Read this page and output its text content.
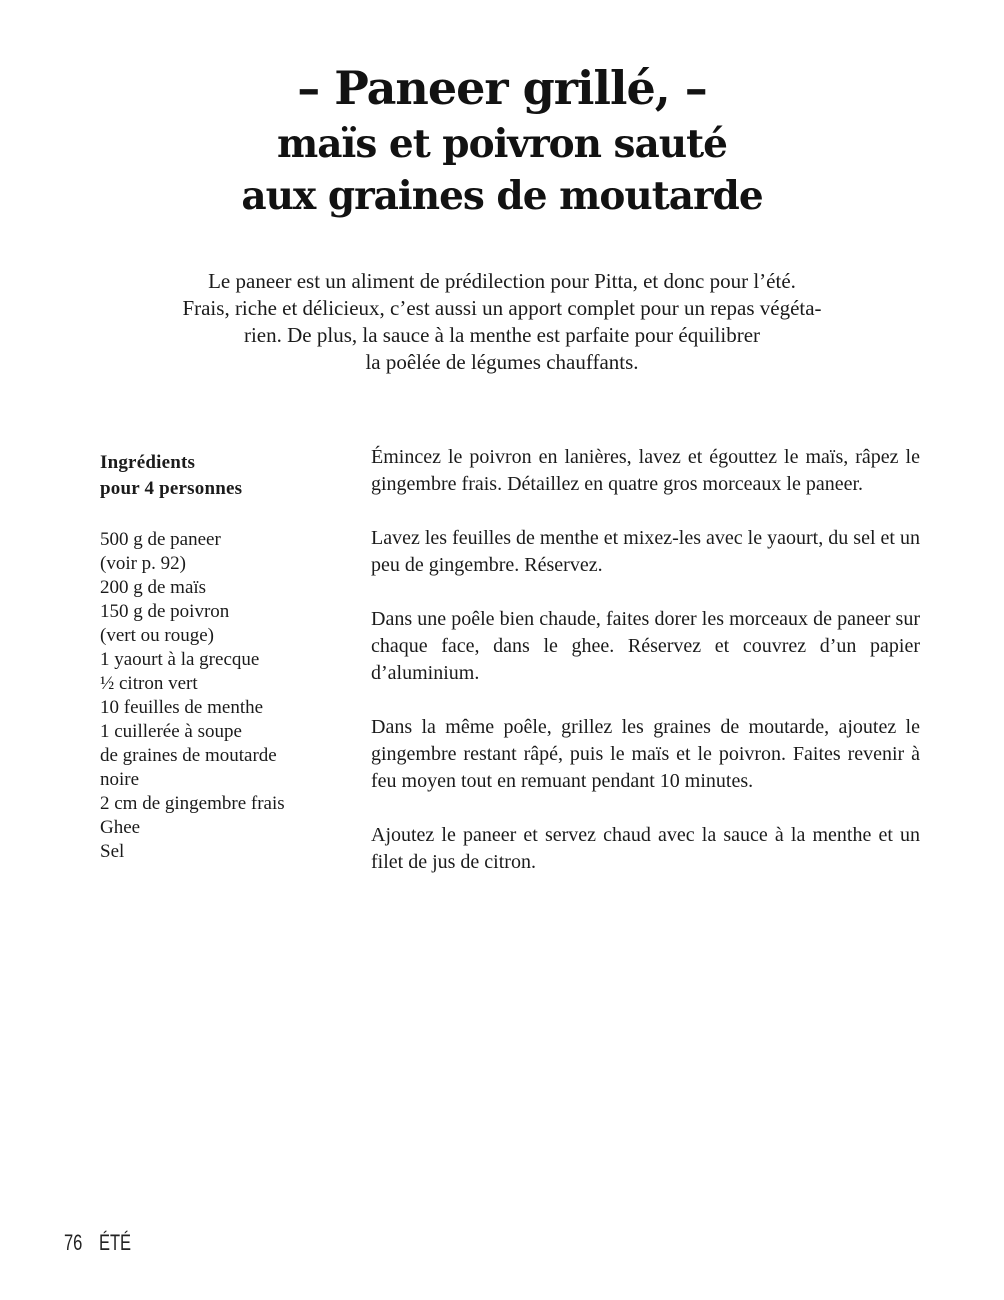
– Paneer grillé, –
maïs et poivron sauté
aux graines de moutarde
Le paneer est un aliment de prédilection pour Pitta, et donc pour l’été.
Frais, riche et délicieux, c’est aussi un apport complet pour un repas végéta-
rien. De plus, la sauce à la menthe est parfaite pour équilibrer
la poêlée de légumes chauffants.
Ingrédients
pour 4 personnes
500 g de paneer
(voir p. 92)
200 g de maïs
150 g de poivron
(vert ou rouge)
1 yaourt à la grecque
½ citron vert
10 feuilles de menthe
1 cuillerée à soupe
de graines de moutarde
noire
2 cm de gingembre frais
Ghee
Sel

Émincez le poivron en lanières, lavez et égouttez le maïs, râpez le gingembre frais. Détaillez en quatre gros morceaux le paneer.

Lavez les feuilles de menthe et mixez-les avec le yaourt, du sel et un peu de gingembre. Réservez.

Dans une poêle bien chaude, faites dorer les morceaux de paneer sur chaque face, dans le ghee. Réservez et couvrez d’un papier d’aluminium.

Dans la même poêle, grillez les graines de moutarde, ajoutez le gingembre restant râpé, puis le maïs et le poivron. Faites revenir à feu moyen tout en remuant pendant 10 minutes.

Ajoutez le paneer et servez chaud avec la sauce à la menthe et un filet de jus de citron.

76 ÉTÉ
